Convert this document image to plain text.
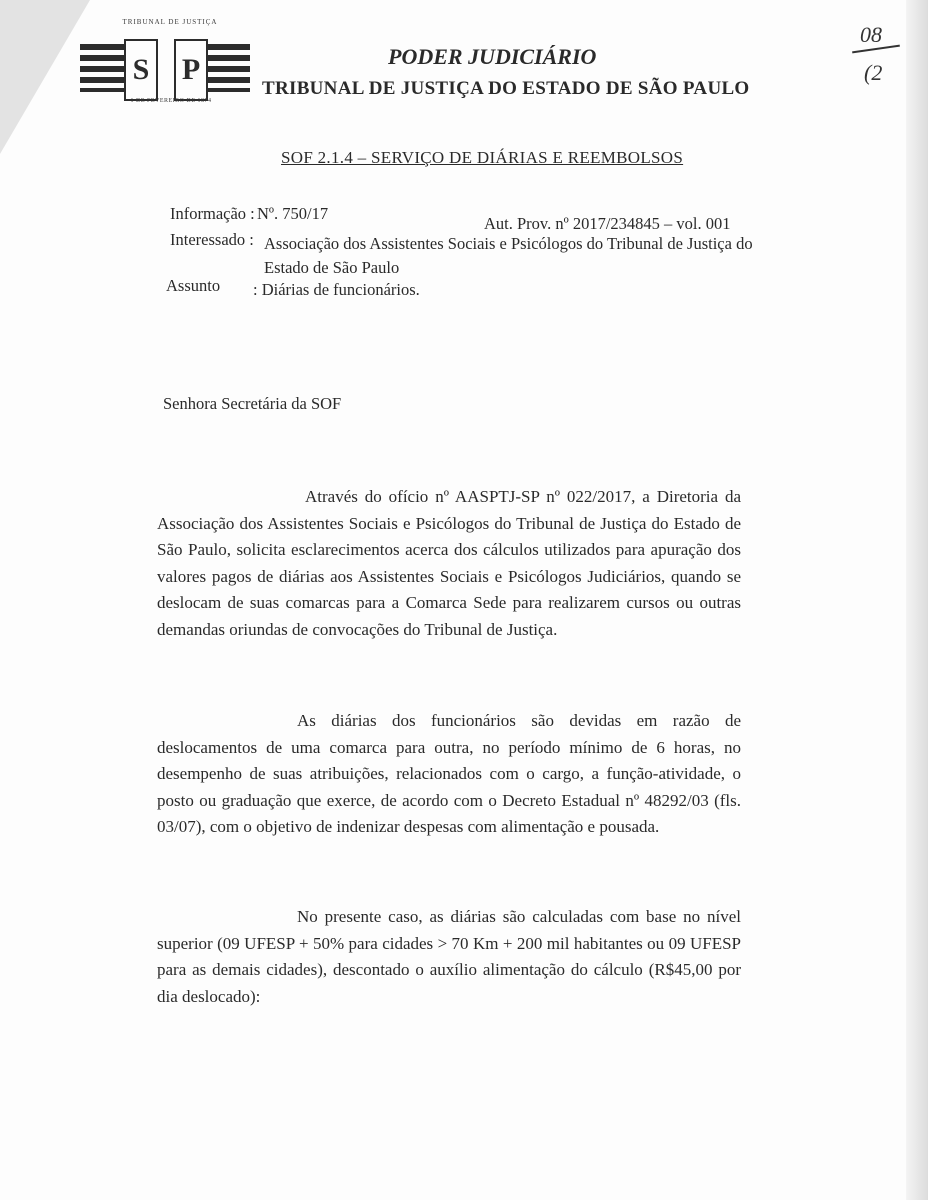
TRIBUNAL DE JUSTIÇA
S P
1 DE FEVEREIRO DE 1874
PODER JUDICIÁRIO
TRIBUNAL DE JUSTIÇA DO ESTADO DE SÃO PAULO
08
(2
SOF 2.1.4 – SERVIÇO DE DIÁRIAS E REEMBOLSOS
Informação : Nº. 750/17
Aut. Prov. nº 2017/234845 – vol. 001
Interessado : Associação dos Assistentes Sociais e Psicólogos do Tribunal de Justiça do Estado de São Paulo
Assunto : Diárias de funcionários.
Senhora Secretária da SOF
Através do ofício nº AASPTJ-SP nº 022/2017, a Diretoria da Associação dos Assistentes Sociais e Psicólogos do Tribunal de Justiça do Estado de São Paulo, solicita esclarecimentos acerca dos cálculos utilizados para apuração dos valores pagos de diárias aos Assistentes Sociais e Psicólogos Judiciários, quando se deslocam de suas comarcas para a Comarca Sede para realizarem cursos ou outras demandas oriundas de convocações do Tribunal de Justiça.
As diárias dos funcionários são devidas em razão de deslocamentos de uma comarca para outra, no período mínimo de 6 horas, no desempenho de suas atribuições, relacionados com o cargo, a função-atividade, o posto ou graduação que exerce, de acordo com o Decreto Estadual nº 48292/03 (fls. 03/07), com o objetivo de indenizar despesas com alimentação e pousada.
No presente caso, as diárias são calculadas com base no nível superior (09 UFESP + 50% para cidades > 70 Km + 200 mil habitantes ou 09 UFESP para as demais cidades), descontado o auxílio alimentação do cálculo (R$45,00 por dia deslocado):
